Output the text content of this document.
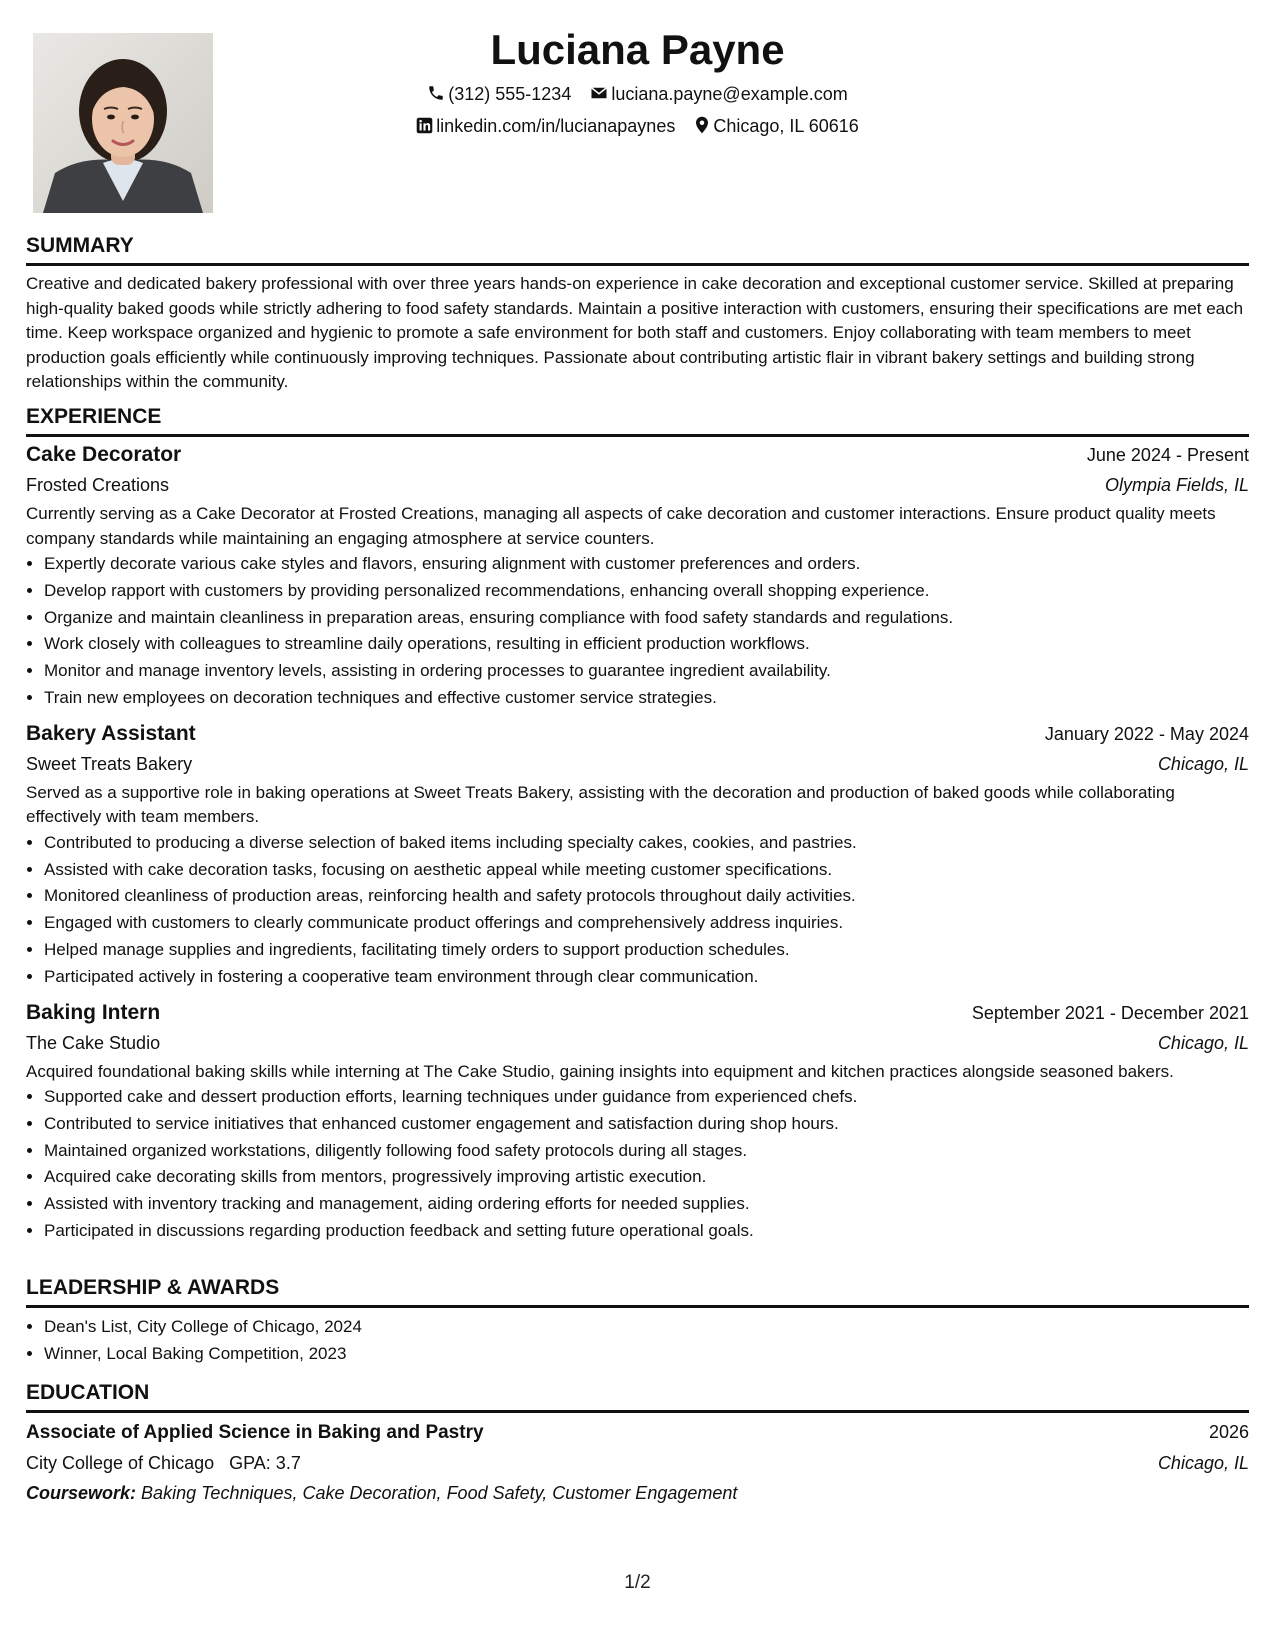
Luciana Payne
(312) 555-1234 luciana.payne@example.com
linkedin.com/in/lucianapaynes Chicago, IL 60616
SUMMARY

Creative and dedicated bakery professional with over three years hands-on experience in cake decoration and exceptional customer service. Skilled at preparing high-quality baked goods while strictly adhering to food safety standards. Maintain a positive interaction with customers, ensuring their specifications are met each time. Keep workspace organized and hygienic to promote a safe environment for both staff and customers. Enjoy collaborating with team members to meet production goals efficiently while continuously improving techniques. Passionate about contributing artistic flair in vibrant bakery settings and building strong relationships within the community.

EXPERIENCE
Cake Decorator	June 2024 - Present
Frosted Creations	Olympia Fields, IL

Currently serving as a Cake Decorator at Frosted Creations, managing all aspects of cake decoration and customer interactions. Ensure product quality meets company standards while maintaining an engaging atmosphere at service counters.

• Expertly decorate various cake styles and flavors, ensuring alignment with customer preferences and orders.
• Develop rapport with customers by providing personalized recommendations, enhancing overall shopping experience.
• Organize and maintain cleanliness in preparation areas, ensuring compliance with food safety standards and regulations.
• Work closely with colleagues to streamline daily operations, resulting in efficient production workflows.
• Monitor and manage inventory levels, assisting in ordering processes to guarantee ingredient availability.
• Train new employees on decoration techniques and effective customer service strategies.
Bakery Assistant	January 2022 - May 2024
Sweet Treats Bakery	Chicago, IL

Served as a supportive role in baking operations at Sweet Treats Bakery, assisting with the decoration and production of baked goods while collaborating effectively with team members.

• Contributed to producing a diverse selection of baked items including specialty cakes, cookies, and pastries.
• Assisted with cake decoration tasks, focusing on aesthetic appeal while meeting customer specifications.
• Monitored cleanliness of production areas, reinforcing health and safety protocols throughout daily activities.
• Engaged with customers to clearly communicate product offerings and comprehensively address inquiries.
• Helped manage supplies and ingredients, facilitating timely orders to support production schedules.
• Participated actively in fostering a cooperative team environment through clear communication.
Baking Intern	September 2021 - December 2021
The Cake Studio	Chicago, IL

Acquired foundational baking skills while interning at The Cake Studio, gaining insights into equipment and kitchen practices alongside seasoned bakers.

• Supported cake and dessert production efforts, learning techniques under guidance from experienced chefs.
• Contributed to service initiatives that enhanced customer engagement and satisfaction during shop hours.
• Maintained organized workstations, diligently following food safety protocols during all stages.
• Acquired cake decorating skills from mentors, progressively improving artistic execution.
• Assisted with inventory tracking and management, aiding ordering efforts for needed supplies.
• Participated in discussions regarding production feedback and setting future operational goals.
LEADERSHIP & AWARDS
• Dean's List, City College of Chicago, 2024
• Winner, Local Baking Competition, 2023
EDUCATION
Associate of Applied Science in Baking and Pastry	2026
City College of Chicago GPA: 3.7	Chicago, IL
Coursework: Baking Techniques, Cake Decoration, Food Safety, Customer Engagement
1/2
